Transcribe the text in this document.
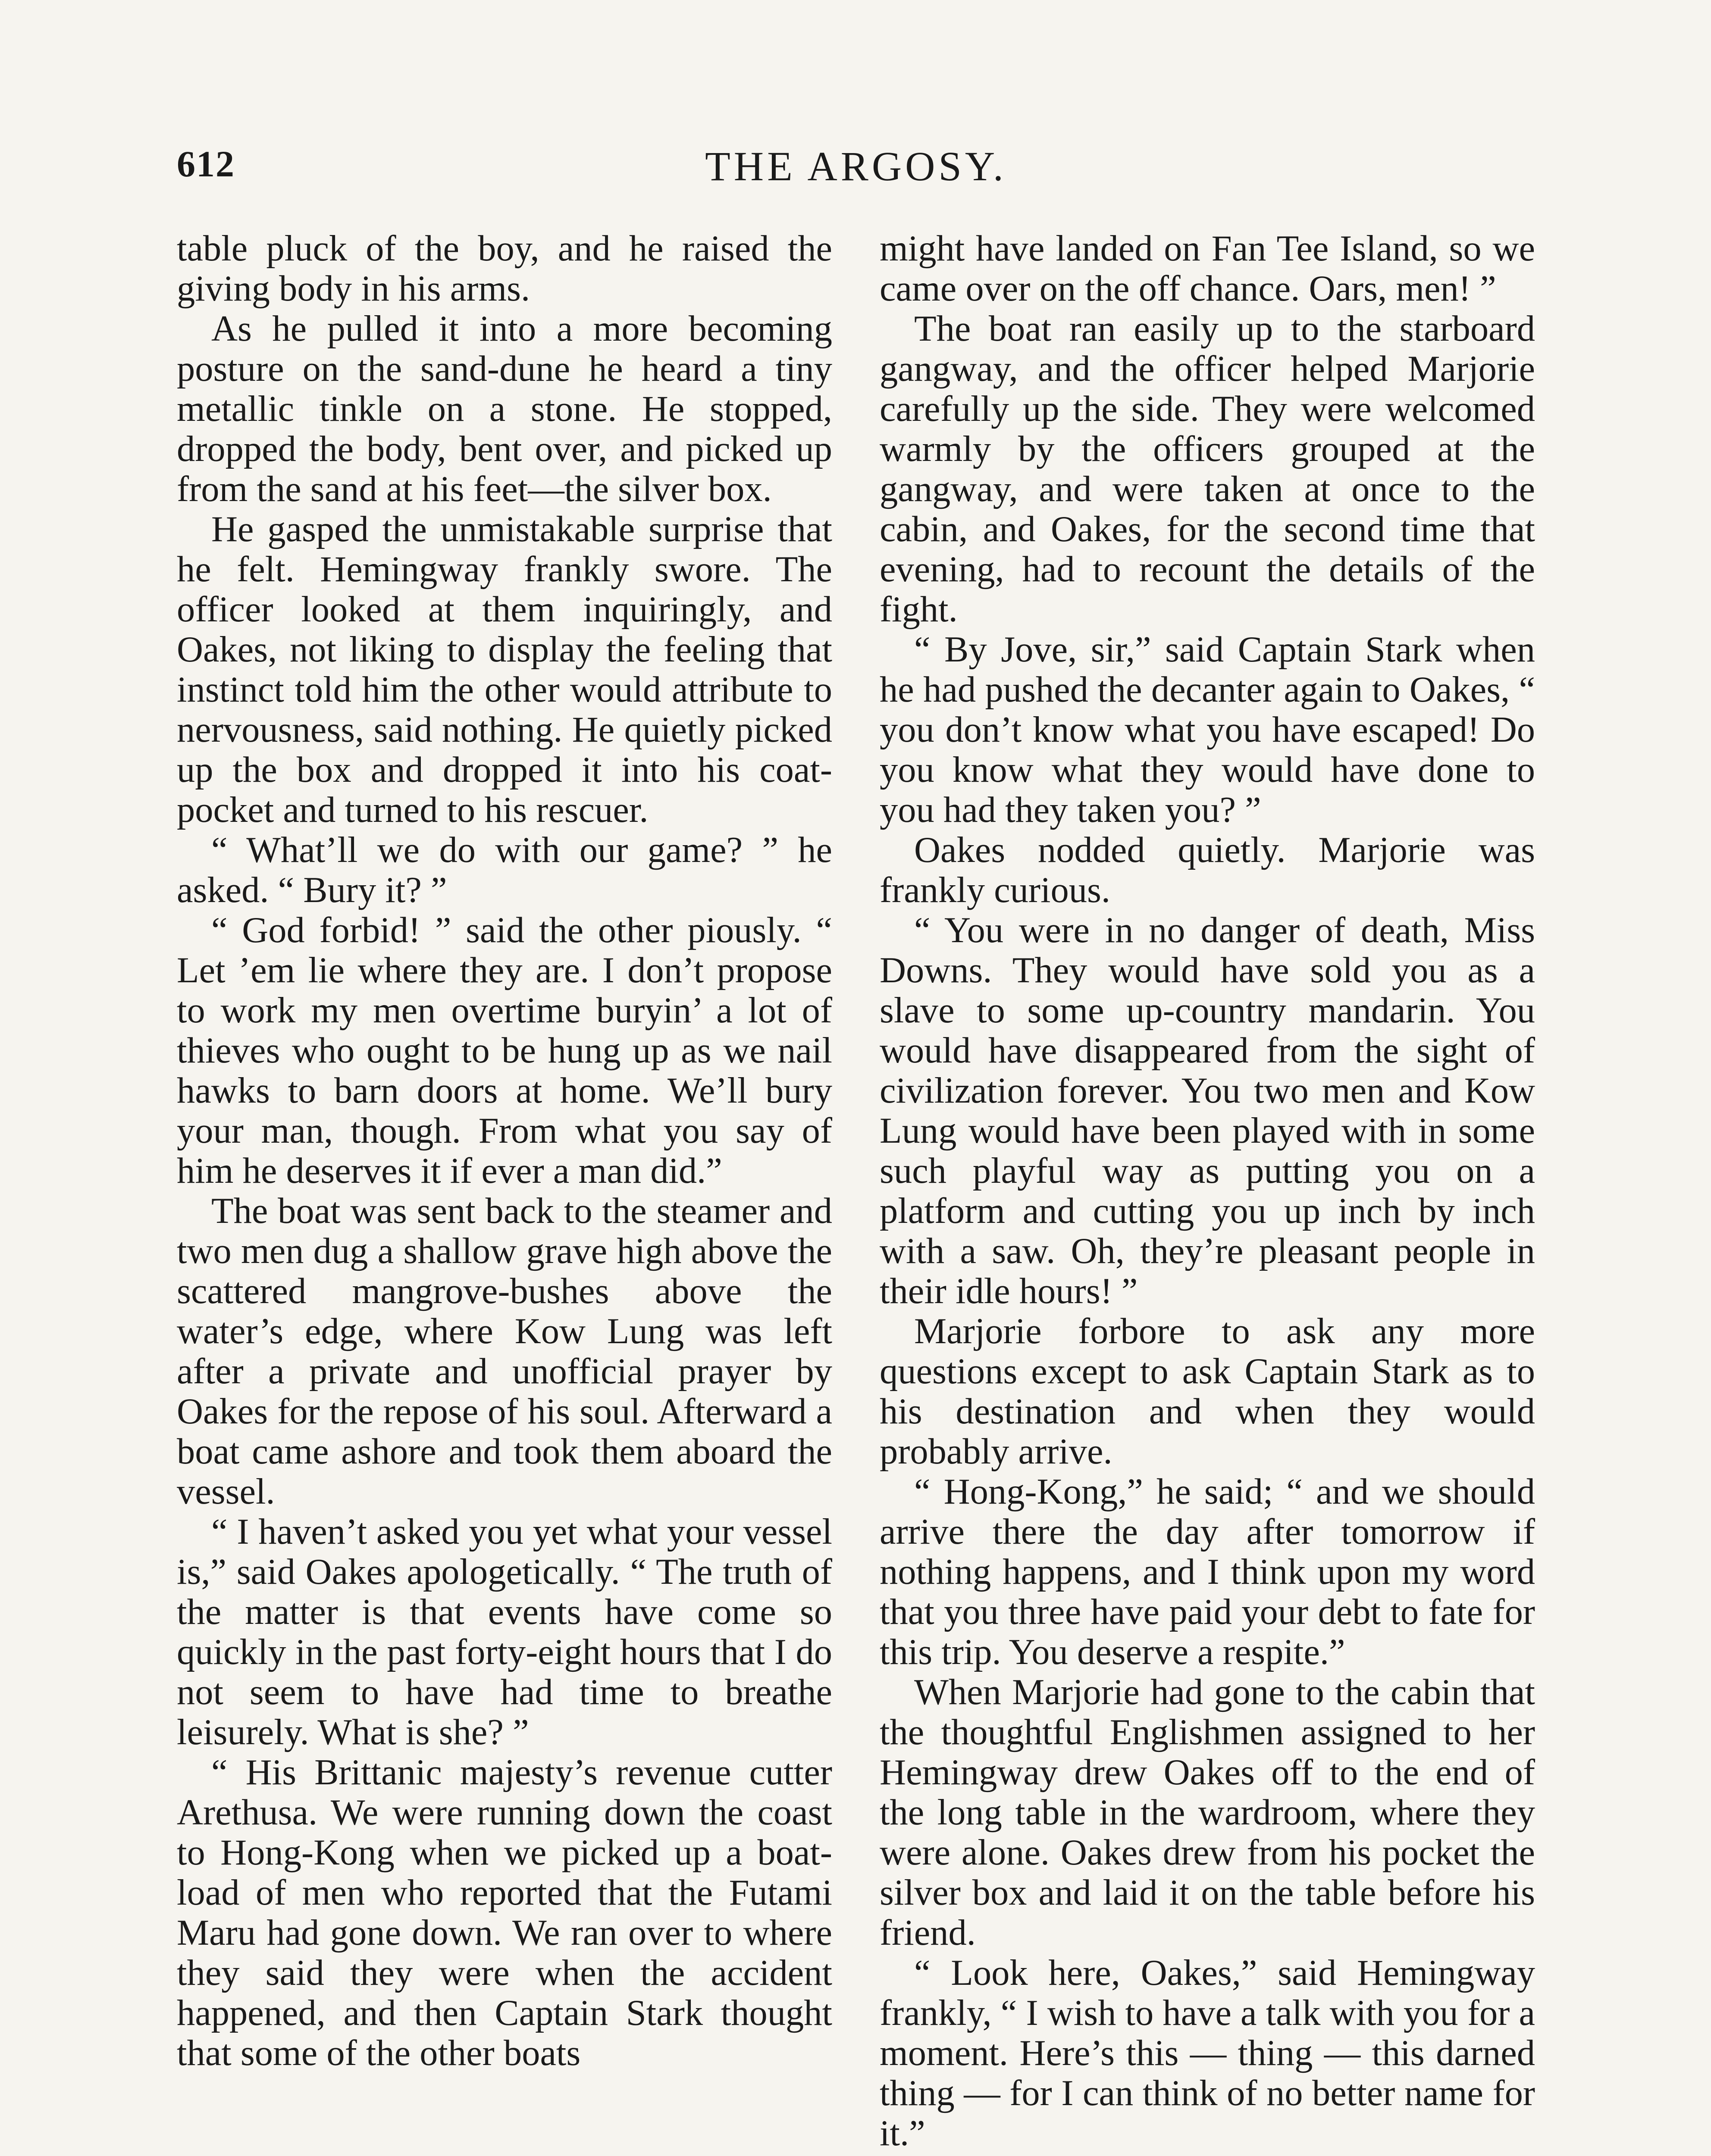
THE ARGOSY.
612

table pluck of the boy, and he raised the giving body in his arms.

As he pulled it into a more becoming posture on the sand-dune he heard a tiny metallic tinkle on a stone. He stopped, dropped the body, bent over, and picked up from the sand at his feet—the silver box.

He gasped the unmistakable surprise that he felt. Hemingway frankly swore. The officer looked at them inquiringly, and Oakes, not liking to display the feeling that instinct told him the other would attribute to nervousness, said nothing. He quietly picked up the box and dropped it into his coat-pocket and turned to his rescuer.

“ What’ll we do with our game? ” he asked. “ Bury it? ”

“ God forbid! ” said the other piously. “ Let ’em lie where they are. I don’t propose to work my men overtime buryin’ a lot of thieves who ought to be hung up as we nail hawks to barn doors at home. We’ll bury your man, though. From what you say of him he deserves it if ever a man did.”

The boat was sent back to the steamer and two men dug a shallow grave high above the scattered mangrove-bushes above the water’s edge, where Kow Lung was left after a private and unofficial prayer by Oakes for the repose of his soul. Afterward a boat came ashore and took them aboard the vessel.

“ I haven’t asked you yet what your vessel is,” said Oakes apologetically. “ The truth of the matter is that events have come so quickly in the past forty-eight hours that I do not seem to have had time to breathe leisurely. What is she? ”

“ His Brittanic majesty’s revenue cutter Arethusa. We were running down the coast to Hong-Kong when we picked up a boat-load of men who reported that the Futami Maru had gone down. We ran over to where they said they were when the accident happened, and then Captain Stark thought that some of the other boats

might have landed on Fan Tee Island, so we came over on the off chance. Oars, men! ”

The boat ran easily up to the starboard gangway, and the officer helped Marjorie carefully up the side. They were welcomed warmly by the officers grouped at the gangway, and were taken at once to the cabin, and Oakes, for the second time that evening, had to recount the details of the fight.

“ By Jove, sir,” said Captain Stark when he had pushed the decanter again to Oakes, “ you don’t know what you have escaped! Do you know what they would have done to you had they taken you? ”

Oakes nodded quietly. Marjorie was frankly curious.

“ You were in no danger of death, Miss Downs. They would have sold you as a slave to some up-country mandarin. You would have disappeared from the sight of civilization forever. You two men and Kow Lung would have been played with in some such playful way as putting you on a platform and cutting you up inch by inch with a saw. Oh, they’re pleasant people in their idle hours! ”

Marjorie forbore to ask any more questions except to ask Captain Stark as to his destination and when they would probably arrive.

“ Hong-Kong,” he said; “ and we should arrive there the day after tomorrow if nothing happens, and I think upon my word that you three have paid your debt to fate for this trip. You deserve a respite.”

When Marjorie had gone to the cabin that the thoughtful Englishmen assigned to her Hemingway drew Oakes off to the end of the long table in the wardroom, where they were alone. Oakes drew from his pocket the silver box and laid it on the table before his friend.

“ Look here, Oakes,” said Hemingway frankly, “ I wish to have a talk with you for a moment. Here’s this — thing — this darned thing — for I can think of no better name for it.”
